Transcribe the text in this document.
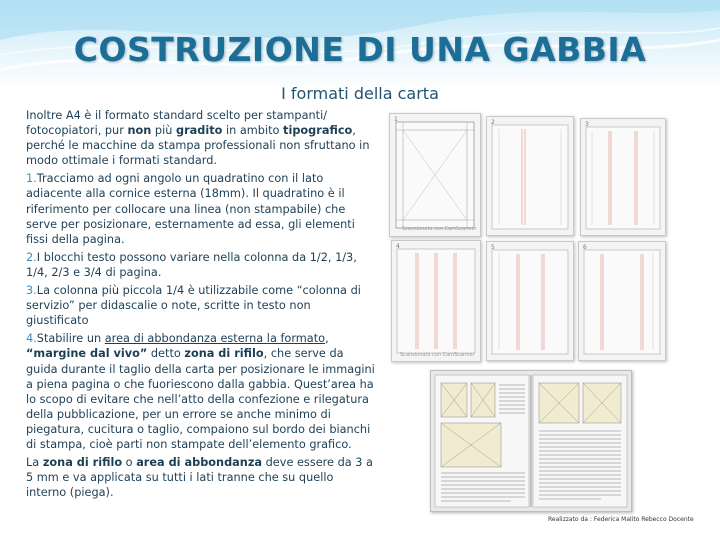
COSTRUZIONE DI UNA GABBIA
I formati della carta

Inoltre A4 è il formato standard scelto per stampanti/ fotocopiatori, pur non più gradito in ambito tipografico, perché le macchine da stampa professionali non sfruttano in modo ottimale i formati standard.

1.Tracciamo ad ogni angolo un quadratino con il lato adiacente alla cornice esterna (18mm). Il quadratino è il riferimento per collocare una linea (non stampabile) che serve per posizionare, esternamente ad essa, gli elementi fissi della pagina.

2.I blocchi testo possono variare nella colonna da 1/2, 1/3, 1/4, 2/3 e 3/4 di pagina.

3.La colonna più piccola 1/4 è utilizzabile come “colonna di servizio” per didascalie o note, scritte in testo non giustificato

4.Stabilire un area di abbondanza esterna la formato, “margine dal vivo” detto zona di rifilo, che serve da guida durante il taglio della carta per posizionare le immagini a piena pagina o che fuoriescono dalla gabbia. Quest’area ha lo scopo di evitare che nell’atto della confezione e rilegatura della pubblicazione, per un errore se anche minimo di piegatura, cucitura o taglio, compaiono sul bordo dei bianchi di stampa, cioè parti non stampate dell’elemento grafico.

La zona di rifilo o area di abbondanza deve essere da 3 a 5 mm e va applicata su tutti i lati tranne che su quello interno (piega).

1
Scansionato con CamScanner
2	3
4
Scansionato con CamScanner
5	6
Realizzato da : Federica Malito Rebecco Docente
